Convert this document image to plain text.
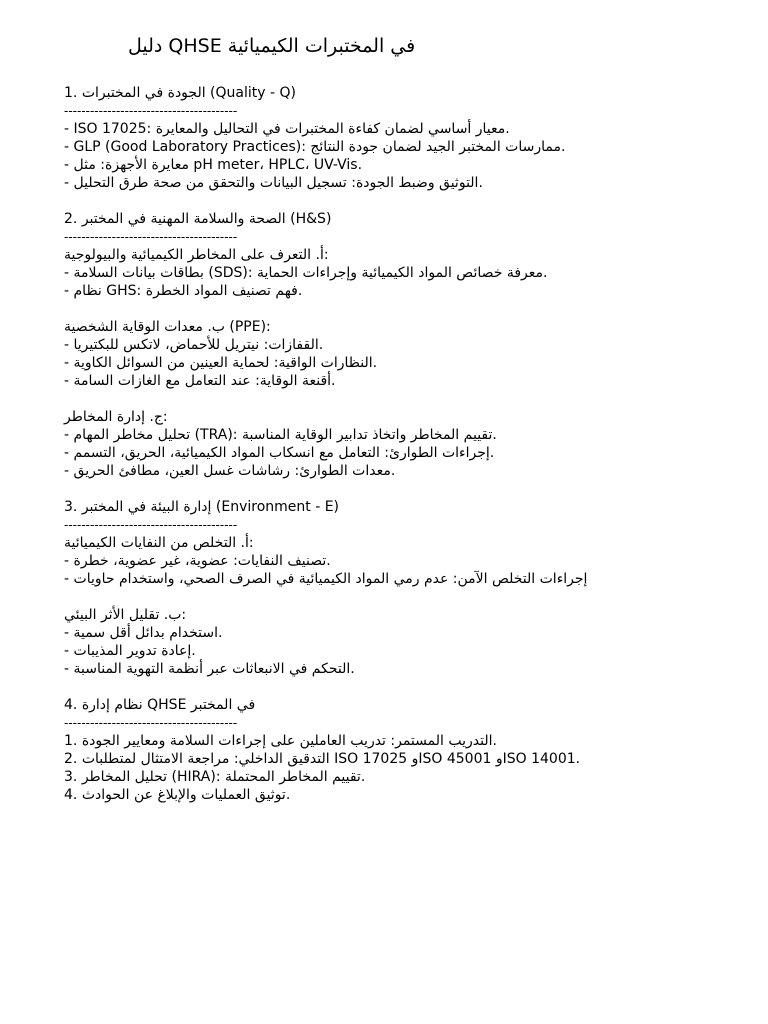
دليل QHSE في المختبرات الكيميائية
1. الجودة في المختبرات (Quality - Q)
----------------------------------------
- ISO 17025: معيار أساسي لضمان كفاءة المختبرات في التحاليل والمعايرة.
- GLP (Good Laboratory Practices): ممارسات المختبر الجيد لضمان جودة النتائج.
- معايرة الأجهزة: مثل pH meter، HPLC، UV-Vis.
- التوثيق وضبط الجودة: تسجيل البيانات والتحقق من صحة طرق التحليل.
2. الصحة والسلامة المهنية في المختبر (H&S)
----------------------------------------
أ. التعرف على المخاطر الكيميائية والبيولوجية:
- بطاقات بيانات السلامة (SDS): معرفة خصائص المواد الكيميائية وإجراءات الحماية.
- نظام GHS: فهم تصنيف المواد الخطرة.
ب. معدات الوقاية الشخصية (PPE):
- القفازات: نيتريل للأحماض، لاتكس للبكتيريا.
- النظارات الواقية: لحماية العينين من السوائل الكاوية.
- أقنعة الوقاية: عند التعامل مع الغازات السامة.
ج. إدارة المخاطر:
- تحليل مخاطر المهام (TRA): تقييم المخاطر واتخاذ تدابير الوقاية المناسبة.
- إجراءات الطوارئ: التعامل مع انسكاب المواد الكيميائية، الحريق، التسمم.
- معدات الطوارئ: رشاشات غسل العين، مطافئ الحريق.
3. إدارة البيئة في المختبر (Environment - E)
----------------------------------------
أ. التخلص من النفايات الكيميائية:
- تصنيف النفايات: عضوية، غير عضوية، خطرة.
- إجراءات التخلص الآمن: عدم رمي المواد الكيميائية في الصرف الصحي، واستخدام حاويات
ب. تقليل الأثر البيئي:
- استخدام بدائل أقل سمية.
- إعادة تدوير المذيبات.
- التحكم في الانبعاثات عبر أنظمة التهوية المناسبة.
4. نظام إدارة QHSE في المختبر
----------------------------------------
1. التدريب المستمر: تدريب العاملين على إجراءات السلامة ومعايير الجودة.
2. التدقيق الداخلي: مراجعة الامتثال لمتطلبات ISO 17025 وISO 45001 وISO 14001.
3. تحليل المخاطر (HIRA): تقييم المخاطر المحتملة.
4. توثيق العمليات والإبلاغ عن الحوادث.
